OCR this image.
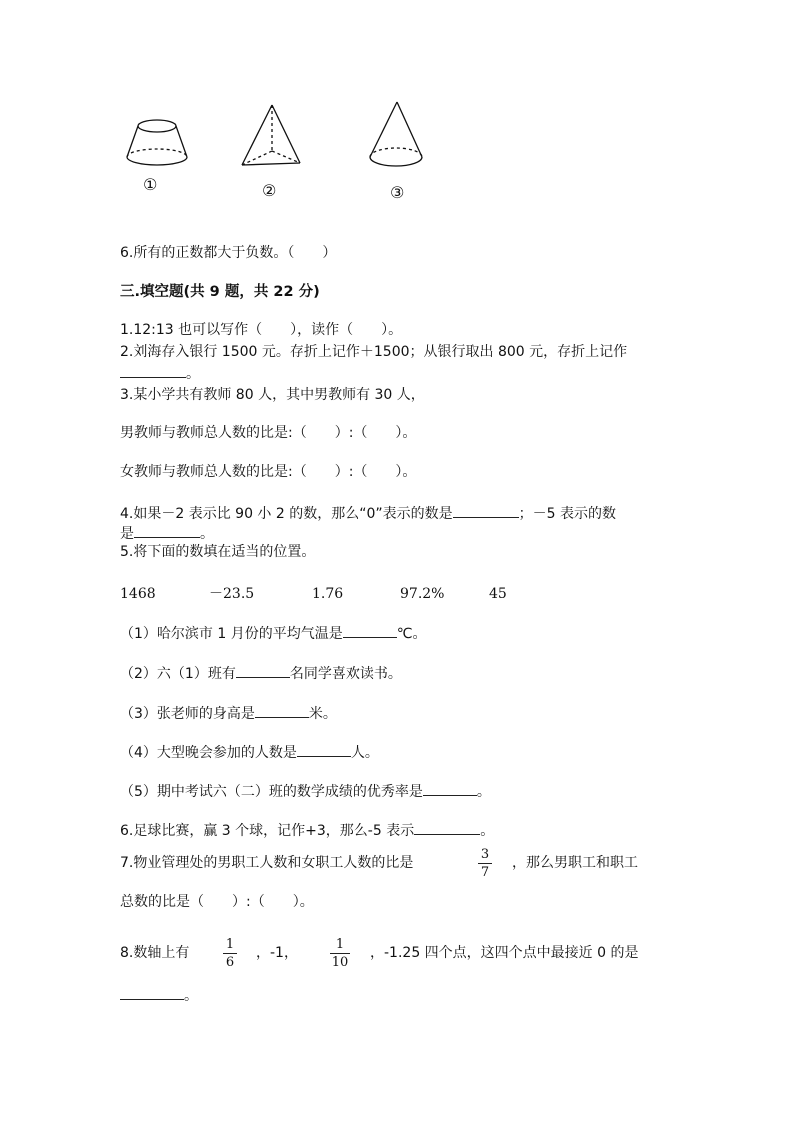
①	②	③
6.所有的正数都大于负数。（　　）
三.填空题(共 9 题，共 22 分)
1.12:13 也可以写作（　　），读作（　　）。
2.刘海存入银行 1500 元。存折上记作＋1500；从银行取出 800 元，存折上记作
。
3.某小学共有教师 80 人，其中男教师有 30 人，
男教师与教师总人数的比是:（　　）:（　　）。
女教师与教师总人数的比是:（　　）:（　　）。
4.如果－2 表示比 90 小 2 的数，那么“0”表示的数是	；－5 表示的数
是	。
5.将下面的数填在适当的位置。
1468	－23.5	1.76	97.2%	45
（1）哈尔滨市 1 月份的平均气温是	℃。
（2）六（1）班有	名同学喜欢读书。
（3）张老师的身高是	米。
（4）大型晚会参加的人数是	人。
（5）期中考试六（二）班的数学成绩的优秀率是	。
6.足球比赛，赢 3 个球，记作+3，那么-5 表示	。
7.物业管理处的男职工人数和女职工人数的比是
3
7
，那么男职工和职工
总数的比是（　　）:（　　）。
8.数轴上有
1
6
，-1，
1
10
，-1.25 四个点，这四个点中最接近 0 的是
。
